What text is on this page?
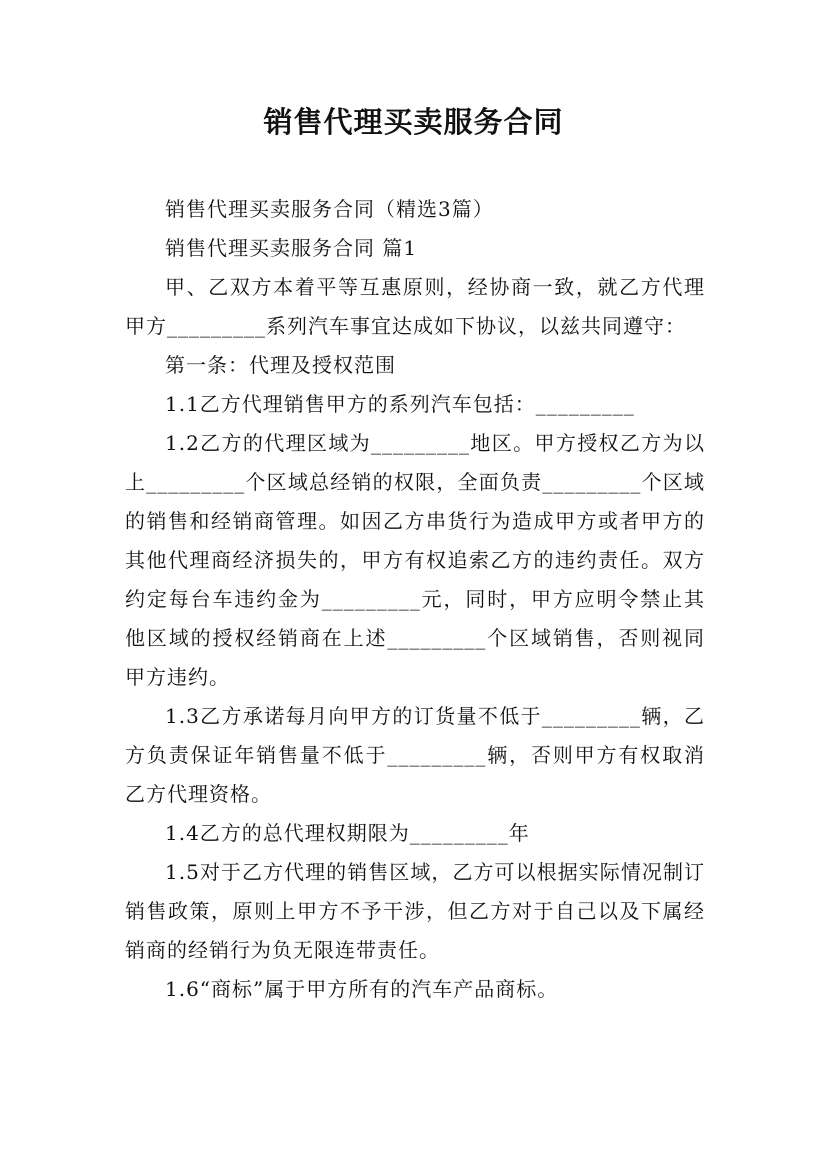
销售代理买卖服务合同

销售代理买卖服务合同（精选3篇）

销售代理买卖服务合同 篇1

甲、乙双方本着平等互惠原则，经协商一致，就乙方代理甲方_________系列汽车事宜达成如下协议，以兹共同遵守：

第一条：代理及授权范围

1.1乙方代理销售甲方的系列汽车包括：_________

1.2乙方的代理区域为_________地区。甲方授权乙方为以上_________个区域总经销的权限，全面负责_________个区域的销售和经销商管理。如因乙方串货行为造成甲方或者甲方的其他代理商经济损失的，甲方有权追索乙方的违约责任。双方约定每台车违约金为_________元，同时，甲方应明令禁止其他区域的授权经销商在上述_________个区域销售，否则视同甲方违约。

1.3乙方承诺每月向甲方的订货量不低于_________辆，乙方负责保证年销售量不低于_________辆，否则甲方有权取消乙方代理资格。

1.4乙方的总代理权期限为_________年

1.5对于乙方代理的销售区域，乙方可以根据实际情况制订销售政策，原则上甲方不予干涉，但乙方对于自己以及下属经销商的经销行为负无限连带责任。

1.6“商标”属于甲方所有的汽车产品商标。
